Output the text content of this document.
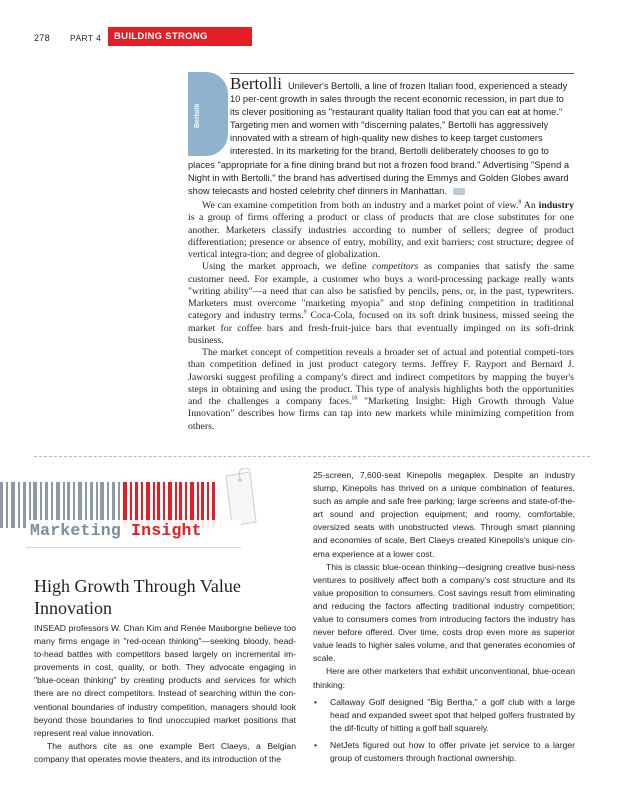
278 PART 4	BUILDING STRONG BRANDS
Bertolli
Bertolli Unilever's Bertolli, a line of frozen Italian food, experienced a steady 10 per-cent growth in sales through the recent economic recession, in part due to its clever positioning as "restaurant quality Italian food that you can eat at home." Targeting men and women with "discerning palates," Bertolli has aggressively innovated with a stream of high-quality new dishes to keep target customers interested. In its marketing for the brand, Bertolli deliberately chooses to go to places "appropriate for a fine dining brand but not a frozen food brand." Advertising "Spend a Night in with Bertolli," the brand has advertised during the Emmys and Golden Globes award show telecasts and hosted celebrity chef dinners in Manhattan.

We can examine competition from both an industry and a market point of view.$^8$ An industry is a group of firms offering a product or class of products that are close substitutes for one another. Marketers classify industries according to number of sellers; degree of product differentiation; presence or absence of entry, mobility, and exit barriers; cost structure; degree of vertical integra-tion; and degree of globalization.

Using the market approach, we define competitors as companies that satisfy the same customer need. For example, a customer who buys a word-processing package really wants "writing ability"—a need that can also be satisfied by pencils, pens, or, in the past, typewriters. Marketers must overcome "marketing myopia" and stop defining competition in traditional category and industry terms.$^9$ Coca-Cola, focused on its soft drink business, missed seeing the market for coffee bars and fresh-fruit-juice bars that eventually impinged on its soft-drink business.

The market concept of competition reveals a broader set of actual and potential competi-tors than competition defined in just product category terms. Jeffrey F. Rayport and Bernard J. Jaworski suggest profiling a company's direct and indirect competitors by mapping the buyer's steps in obtaining and using the product. This type of analysis highlights both the opportunities and the challenges a company faces.$^{10}$ "Marketing Insight: High Growth through Value Innovation" describes how firms can tap into new markets while minimizing competition from others.

Marketing Insight
High Growth Through Value Innovation

INSEAD professors W. Chan Kim and Renée Mauborgne believe too many firms engage in "red-ocean thinking"—seeking bloody, head-to-head battles with competitors based largely on incremental im-provements in cost, quality, or both. They advocate engaging in "blue-ocean thinking" by creating products and services for which there are no direct competitors. Instead of searching within the con-ventional boundaries of industry competition, managers should look beyond those boundaries to find unoccupied market positions that represent real value innovation.

The authors cite as one example Bert Claeys, a Belgian company that operates movie theaters, and its introduction of the

25-screen, 7,600-seat Kinepolis megaplex. Despite an industry slump, Kinepolis has thrived on a unique combination of features, such as ample and safe free parking; large screens and state-of-the-art sound and projection equipment; and roomy, comfortable, oversized seats with unobstructed views. Through smart planning and economies of scale, Bert Claeys created Kinepolis's unique cin-ema experience at a lower cost.

This is classic blue-ocean thinking—designing creative busi-ness ventures to positively affect both a company's cost structure and its value proposition to consumers. Cost savings result from eliminating and reducing the factors affecting traditional industry competition; value to consumers comes from introducing factors the industry has never before offered. Over time, costs drop even more as superior value leads to higher sales volume, and that generates economies of scale.

Here are other marketers that exhibit unconventional, blue-ocean thinking:

• Callaway Golf designed "Big Bertha," a golf club with a large head and expanded sweet spot that helped golfers frustrated by the dif-ficulty of hitting a golf ball squarely.
• NetJets figured out how to offer private jet service to a larger group of customers through fractional ownership.
